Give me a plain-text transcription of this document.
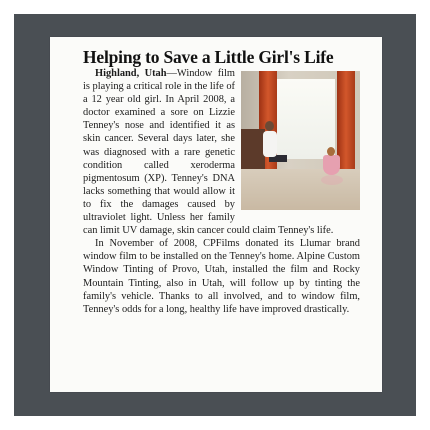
Helping to Save a Little Girl's Life

Highland, Utah—Window film is playing a critical role in the life of a 12 year old girl. In April 2008, a doctor examined a sore on Lizzie Tenney's nose and identified it as skin cancer. Several days later, she was diagnosed with a rare genetic condition called xeroderma pigmentosum (XP). Tenney's DNA lacks something that would allow it to fix the damages caused by ultraviolet light. Unless her family can limit UV damage, skin cancer could claim Tenney's life.

In November of 2008, CPFilms donated its Llumar brand window film to be installed on the Tenney's home. Alpine Custom Window Tinting of Provo, Utah, installed the film and Rocky Mountain Tinting, also in Utah, will follow up by tinting the family's vehicle. Thanks to all involved, and to window film, Tenney's odds for a long, healthy life have improved drastically.
